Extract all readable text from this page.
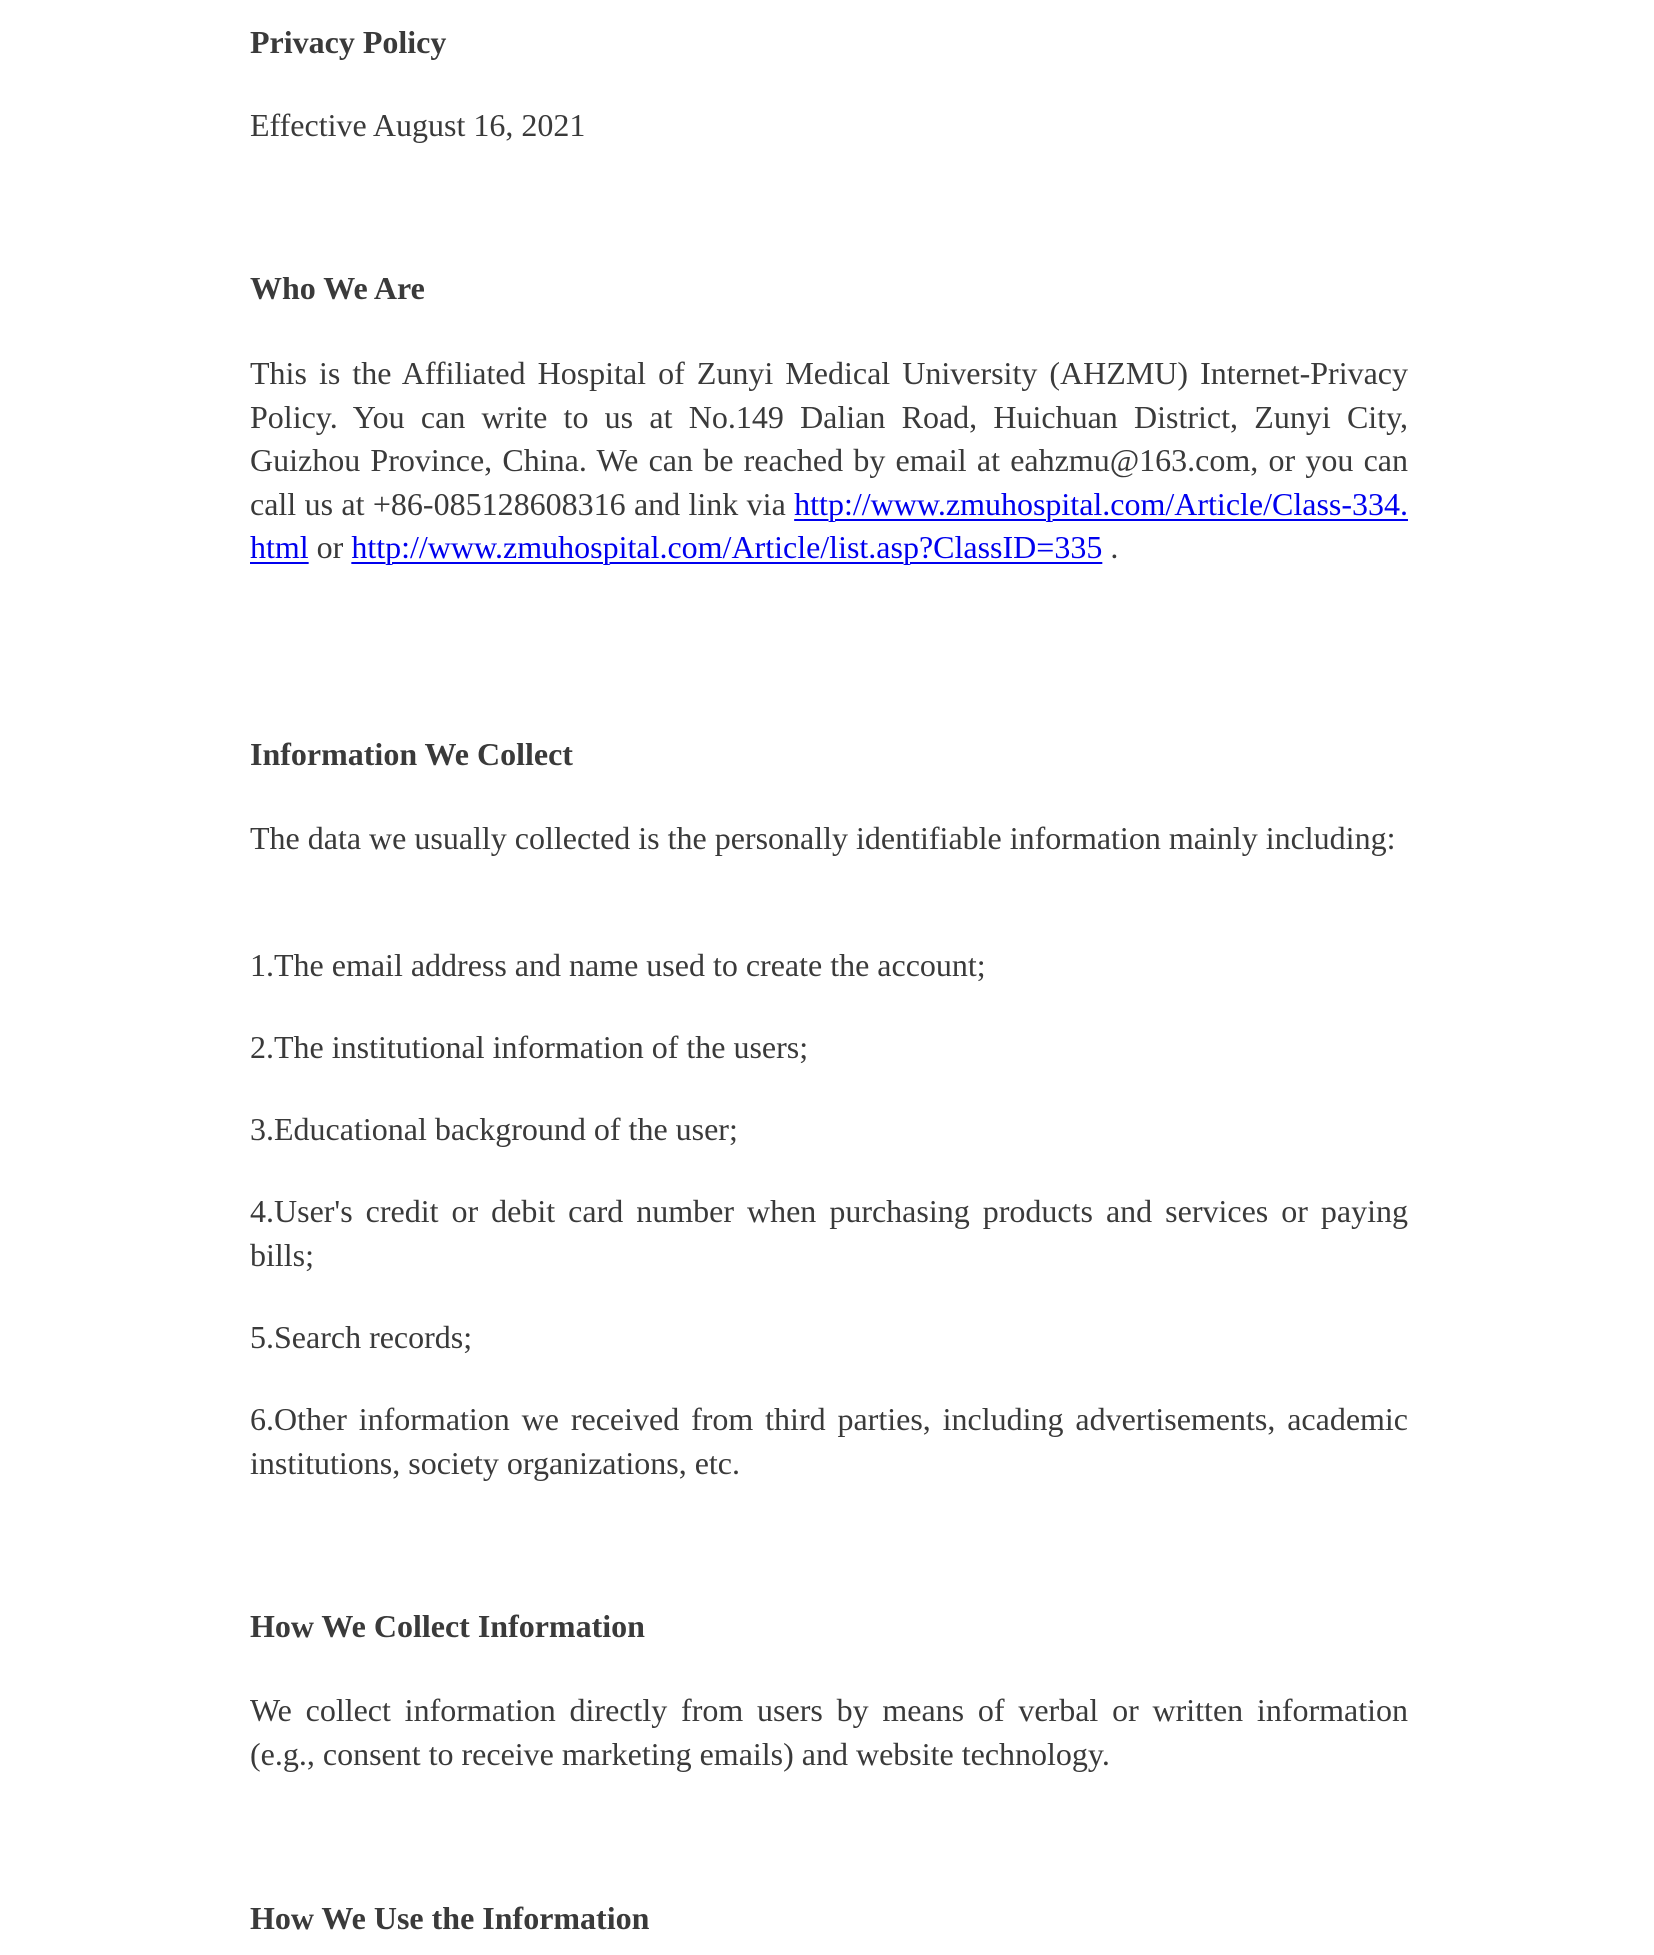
Privacy Policy
Effective August 16, 2021
Who We Are
This is the Affiliated Hospital of Zunyi Medical University (AHZMU) Internet-Privacy Policy. You can write to us at No.149 Dalian Road, Huichuan District, Zunyi City, Guizhou Province, China. We can be reached by email at eahzmu@163.com, or you can call us at +86-085128608316 and link via http://www.zmuhospital.com/Article/Class-334.html or http://www.zmuhospital.com/Article/list.asp?ClassID=335 .
Information We Collect
The data we usually collected is the personally identifiable information mainly including:
1.The email address and name used to create the account;
2.The institutional information of the users;
3.Educational background of the user;
4.User's credit or debit card number when purchasing products and services or paying bills;
5.Search records;
6.Other information we received from third parties, including advertisements, academic institutions, society organizations, etc.
How We Collect Information
We collect information directly from users by means of verbal or written information (e.g., consent to receive marketing emails) and website technology.
How We Use the Information
